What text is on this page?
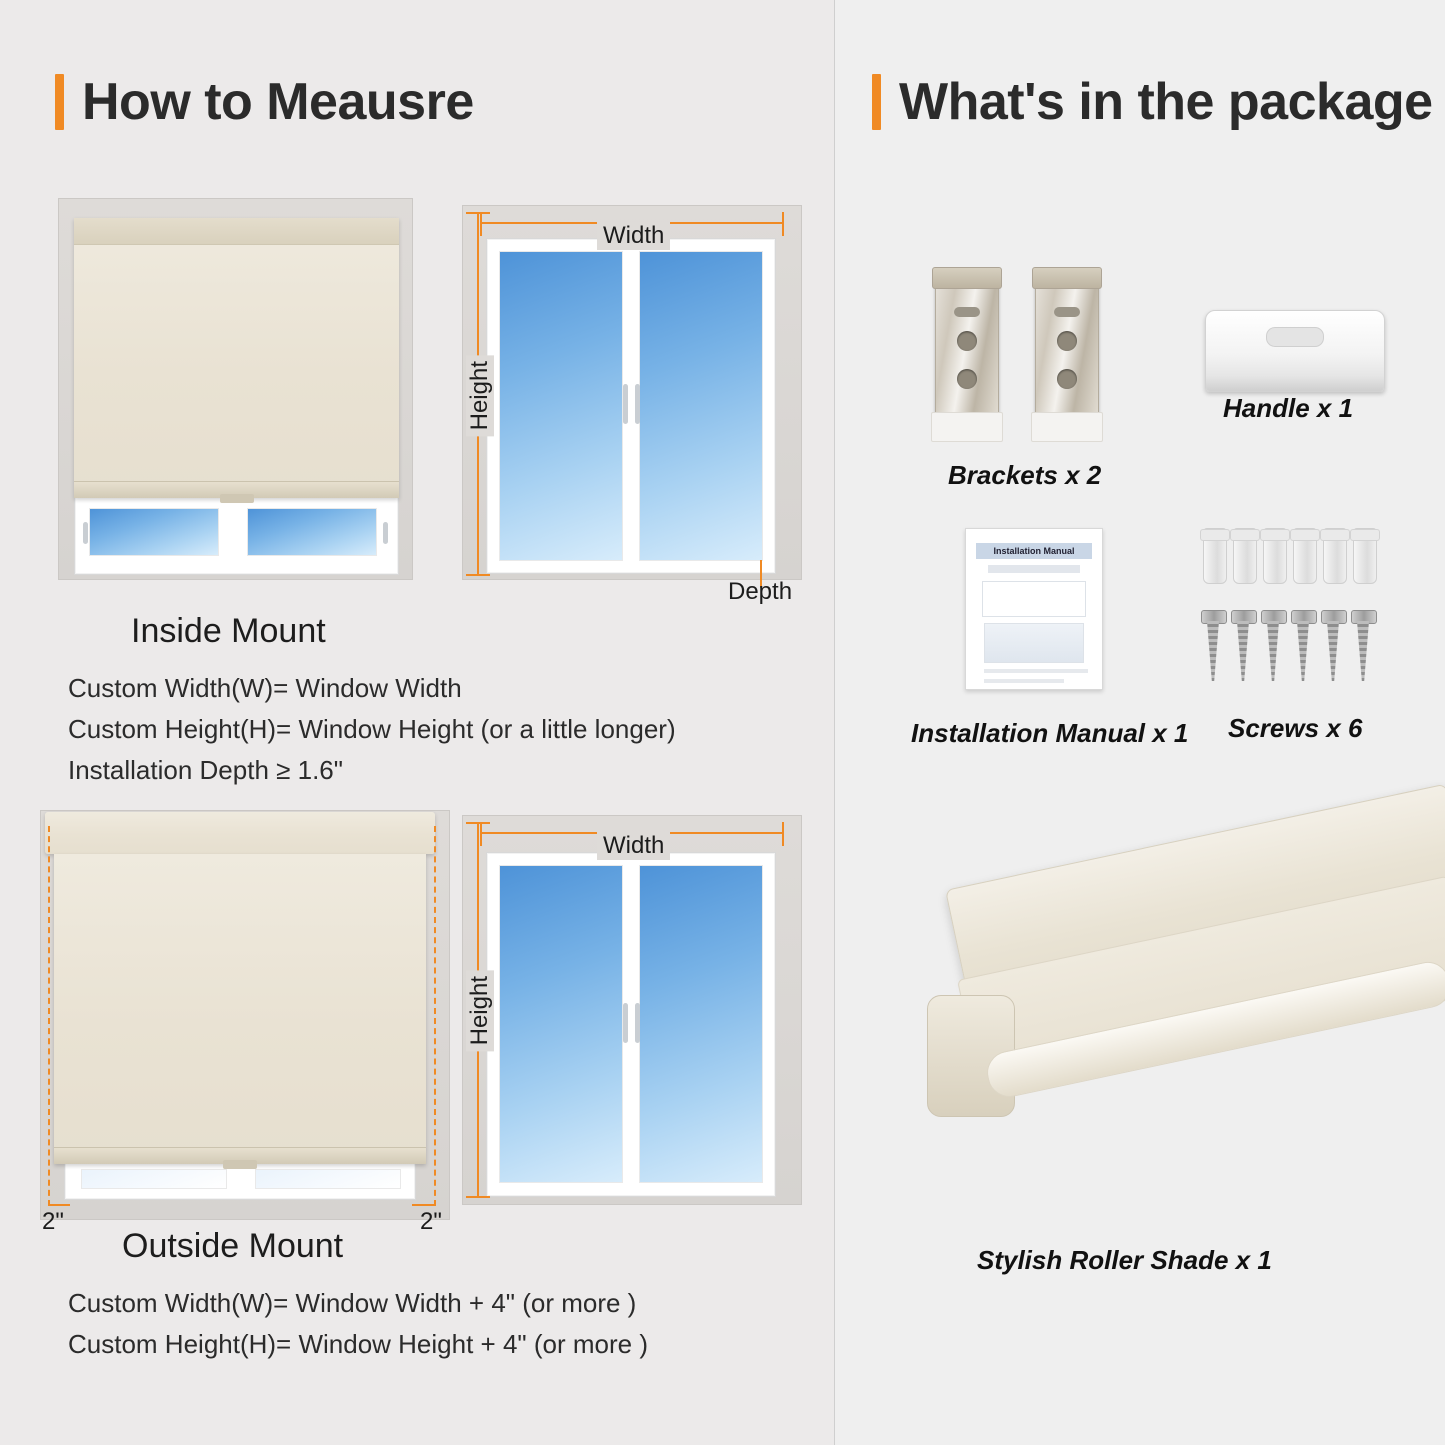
How to Meausre
Width
Height
Depth
Inside Mount
Custom Width(W)= Window Width
Custom Height(H)= Window Height (or a little longer)
Installation Depth ≥ 1.6"
2"	2"
Width
Height
Outside Mount
Custom Width(W)= Window Width + 4" (or more )
Custom Height(H)= Window Height + 4" (or more )
What's in the package
Brackets x 2
Handle x 1
Installation Manual
Installation Manual x 1 Screws x 6
Stylish Roller Shade x 1
